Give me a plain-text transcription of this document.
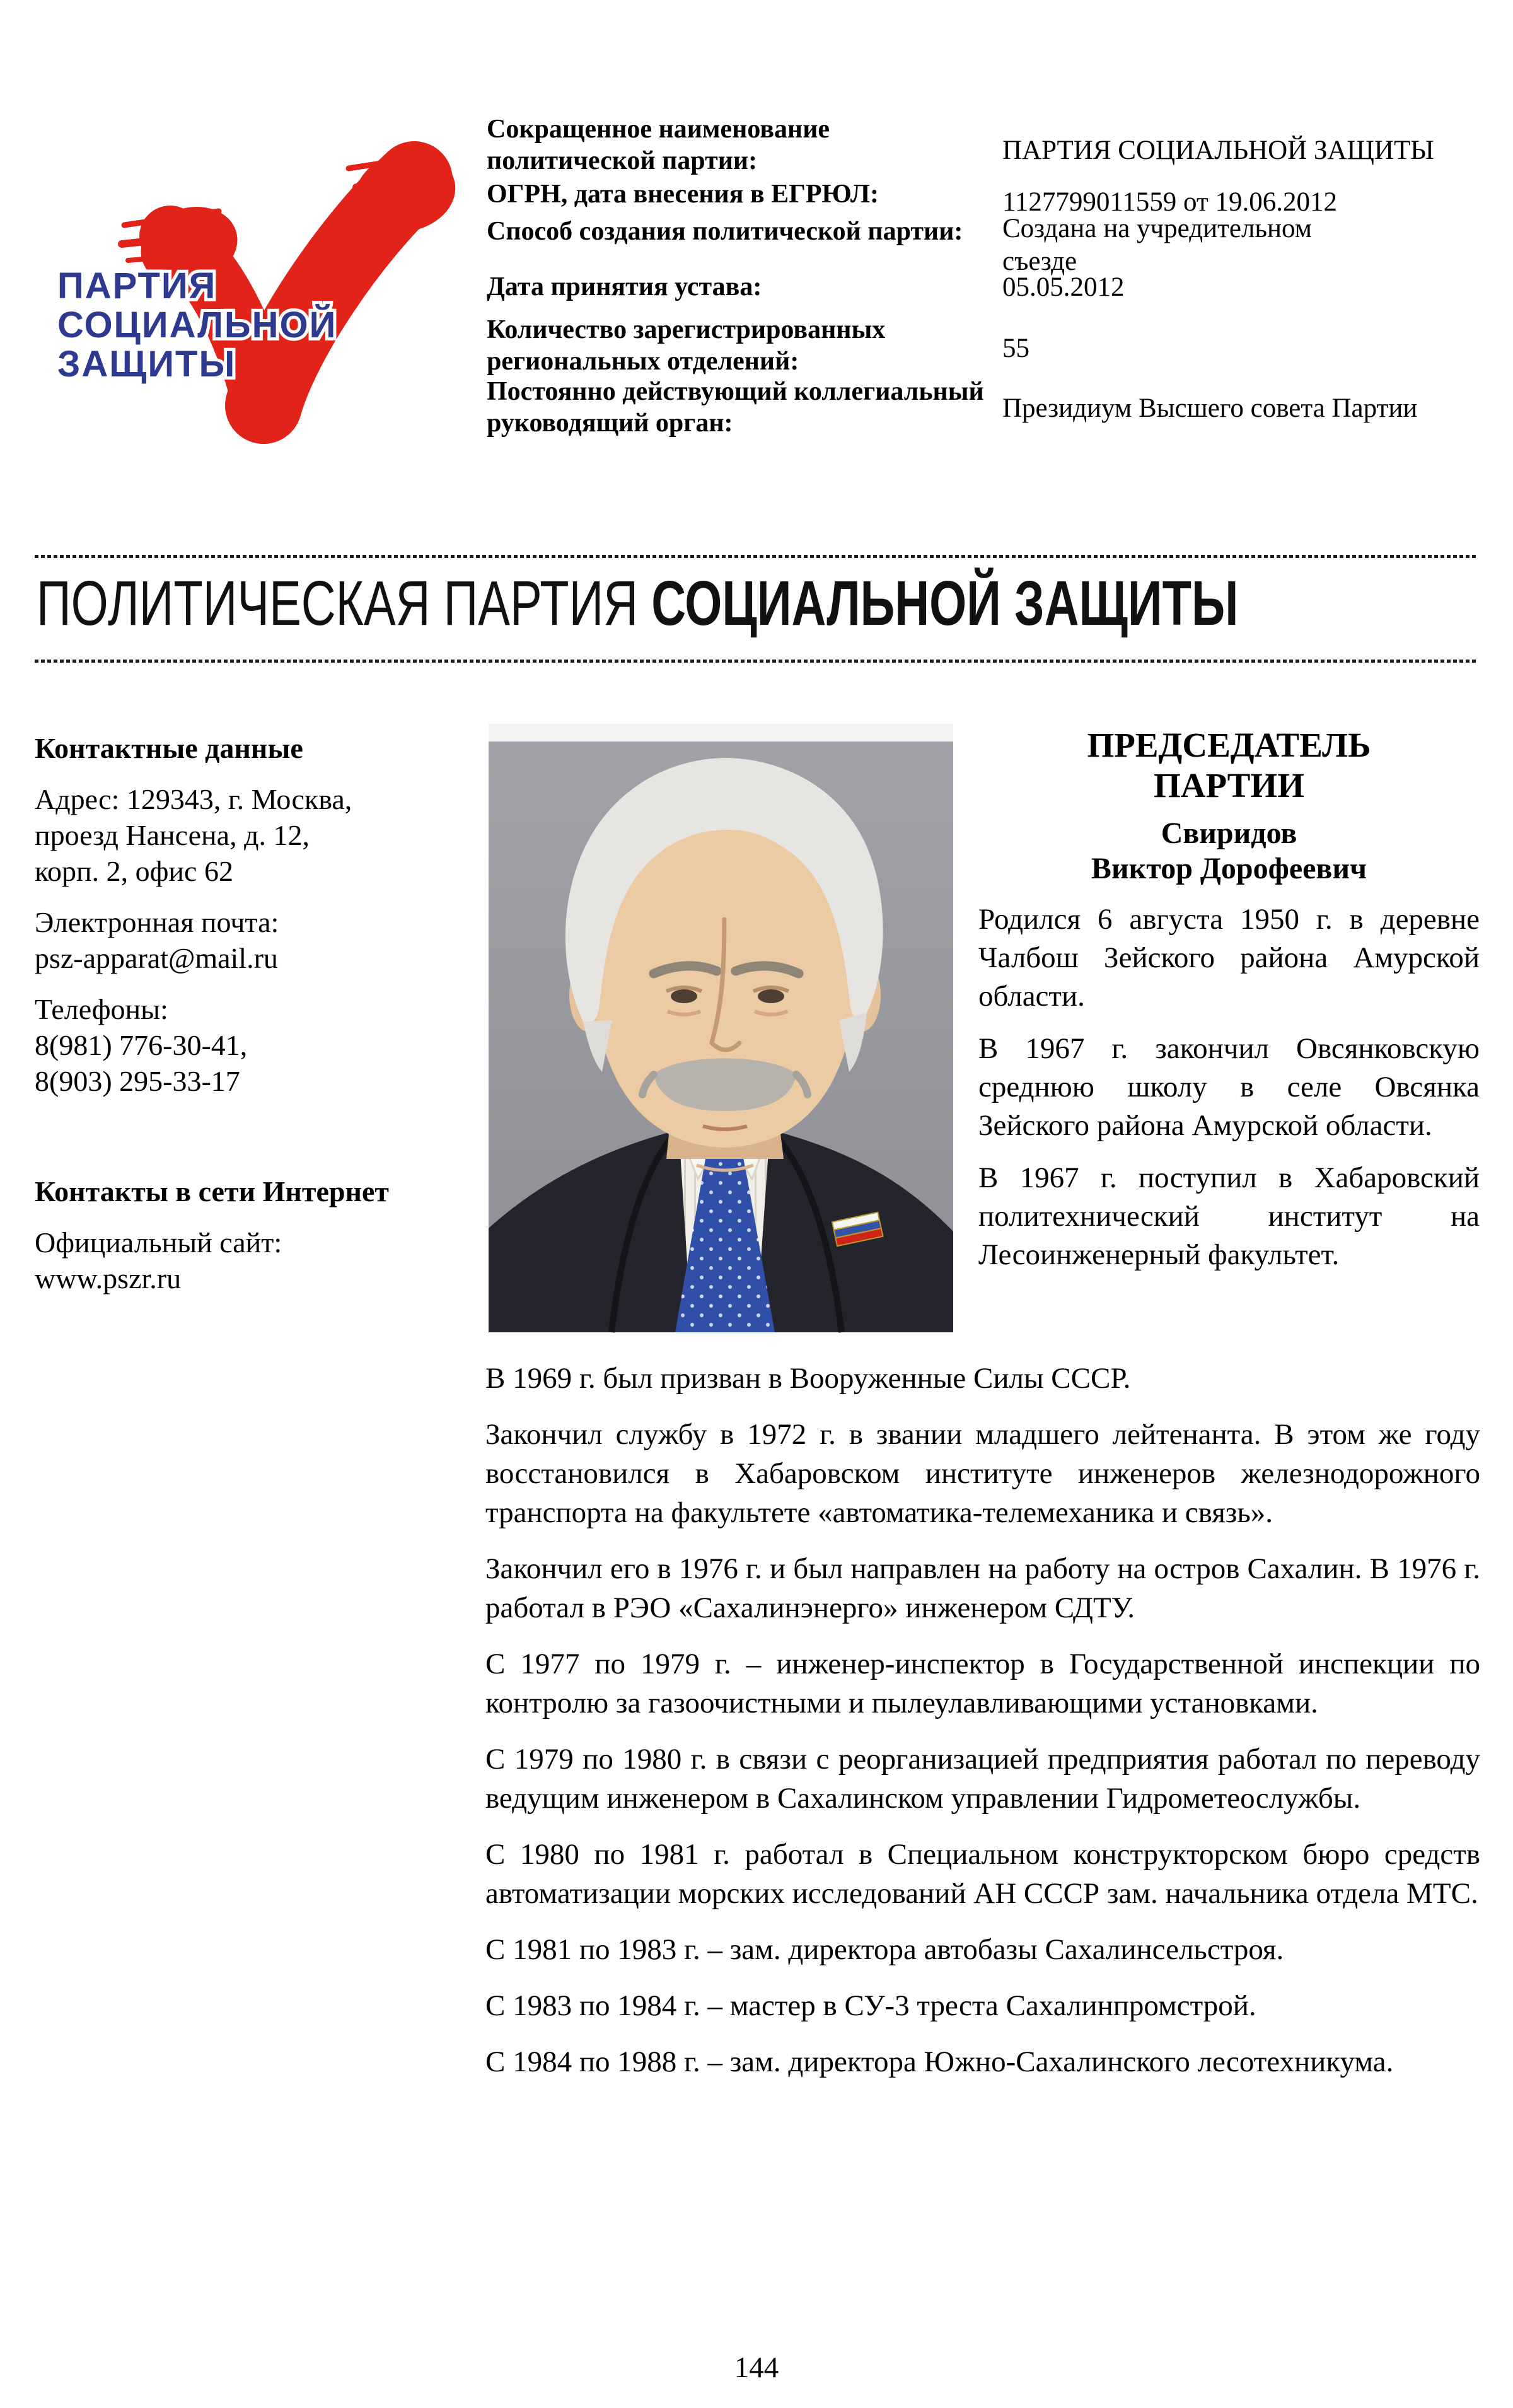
ПАРТИЯ
СОЦИАЛЬНОЙ
ЗАЩИТЫ
Сокращенное наименование политической партии:	ПАРТИЯ СОЦИАЛЬНОЙ ЗАЩИТЫ
ОГРН, дата внесения в ЕГРЮЛ:	1127799011559 от 19.06.2012
Способ создания политической партии:	Создана на учредительном съезде
Дата принятия устава:	05.05.2012
Количество зарегистрированных региональных отделений:	55
Постоянно действующий коллегиальный руководящий орган:	Президиум Высшего совета Партии
ПОЛИТИЧЕСКАЯ ПАРТИЯ СОЦИАЛЬНОЙ ЗАЩИТЫ
Контактные данные
Адрес: 129343, г. Москва,
проезд Нансена, д. 12,
корп. 2, офис 62
Электронная почта:
psz-apparat@mail.ru
Телефоны:
8(981) 776-30-41,
8(903) 295-33-17
Контакты в сети Интернет
Официальный сайт:
www.pszr.ru
ПРЕДСЕДАТЕЛЬ
ПАРТИИ
Свиридов
Виктор Дорофеевич

Родился 6 августа 1950 г. в деревне Чалбош Зейского района Амурской области.

В 1967 г. закончил Овсянковскую среднюю школу в селе Овсянка Зейского района Амурской области.

В 1967 г. поступил в Хабаровский политехнический институт на Лесоинженерный факультет.

В 1969 г. был призван в Вооруженные Силы СССР.

Закончил службу в 1972 г. в звании младшего лейтенанта. В этом же году восстановился в Хабаровском институте инженеров железнодорожного транспорта на факультете «автоматика-телемеханика и связь».

Закончил его в 1976 г. и был направлен на работу на остров Сахалин. В 1976 г. работал в РЭО «Сахалинэнерго» инженером СДТУ.

С 1977 по 1979 г. – инженер-инспектор в Государственной инспекции по контролю за газоочистными и пылеулавливающими установками.

С 1979 по 1980 г. в связи с реорганизацией предприятия работал по переводу ведущим инженером в Сахалинском управлении Гидрометеослужбы.

С 1980 по 1981 г. работал в Специальном конструкторском бюро средств автоматизации морских исследований АН СССР зам. начальника отдела МТС.

С 1981 по 1983 г. – зам. директора автобазы Сахалинсельстроя.

С 1983 по 1984 г. – мастер в СУ-3 треста Сахалинпромстрой.

С 1984 по 1988 г. – зам. директора Южно-Сахалинского лесотехникума.

144
